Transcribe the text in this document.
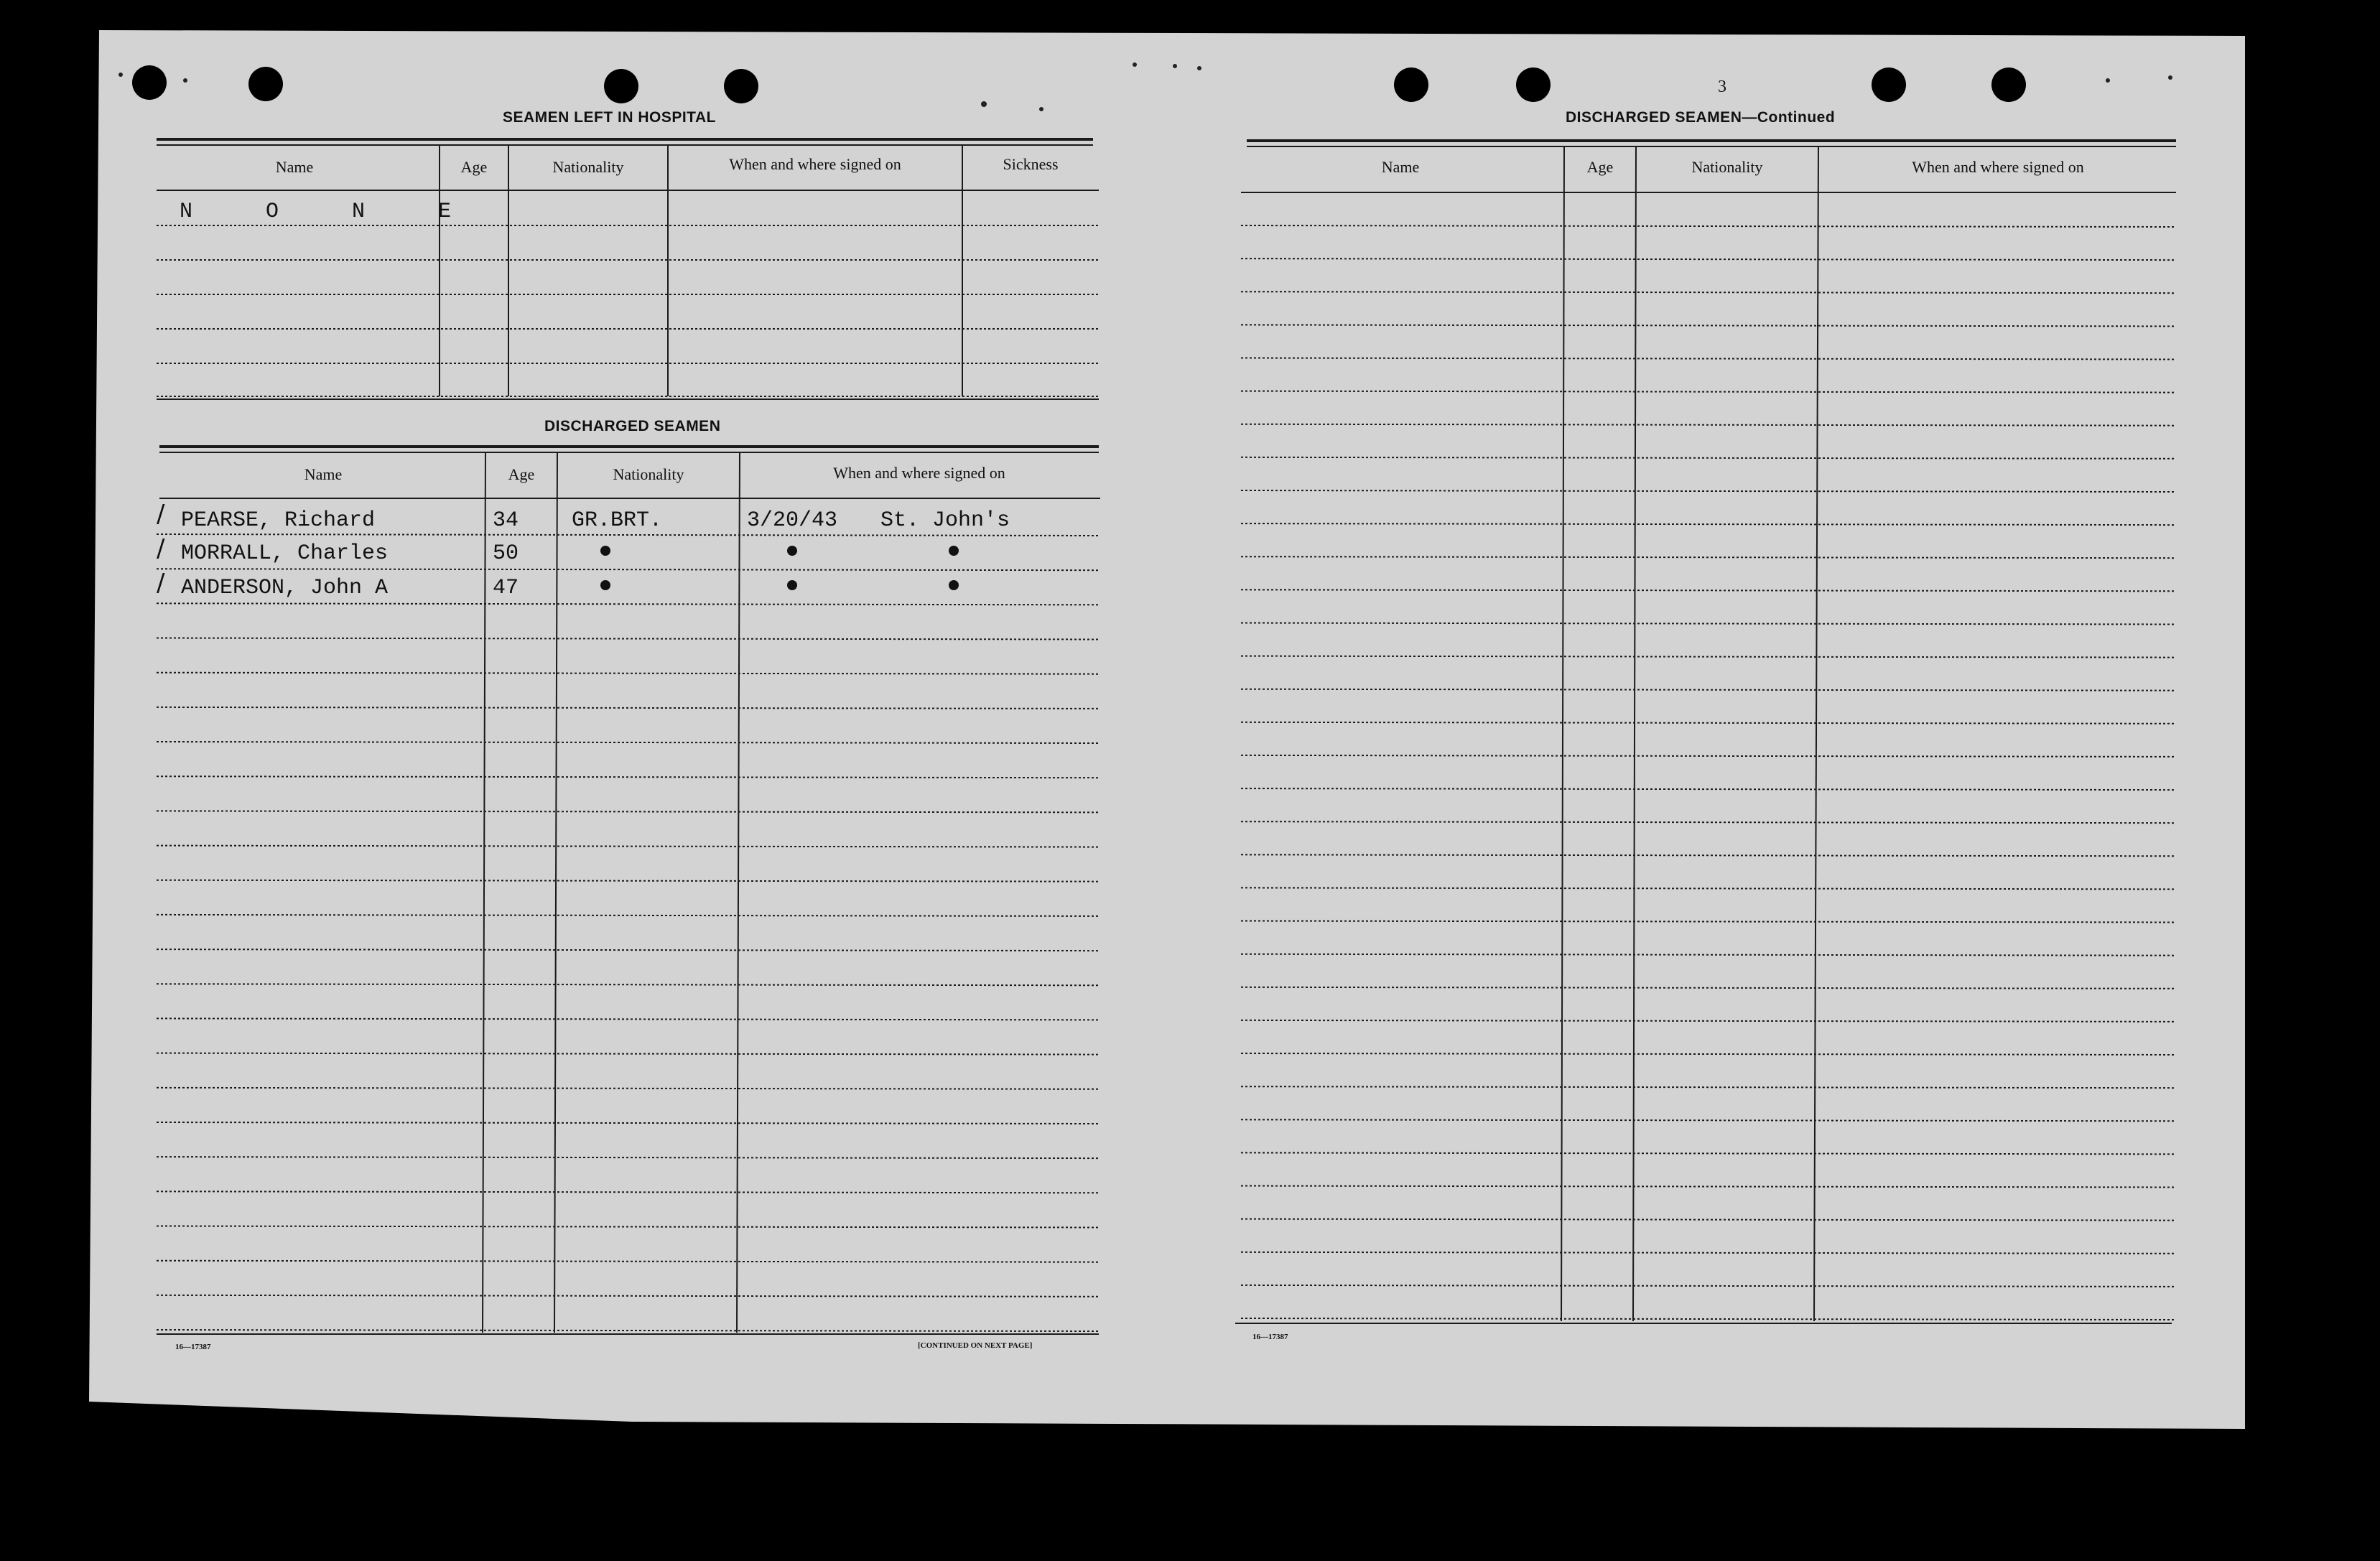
SEAMEN LEFT IN HOSPITAL
Name	Age	Nationality	When and where signed on	Sickness
N O N E
DISCHARGED SEAMEN
Name	Age	Nationality	When and where signed on
/ PEARSE, Richard	34 GR.BRT.	3/20/43 St. John's
/ MORRALL, Charles	50	"	"	"
/ ANDERSON, John A	47	"	"	"
16—17387	[CONTINUED ON NEXT PAGE]
3
DISCHARGED SEAMEN—Continued
Name	Age	Nationality	When and where signed on
16—17387
